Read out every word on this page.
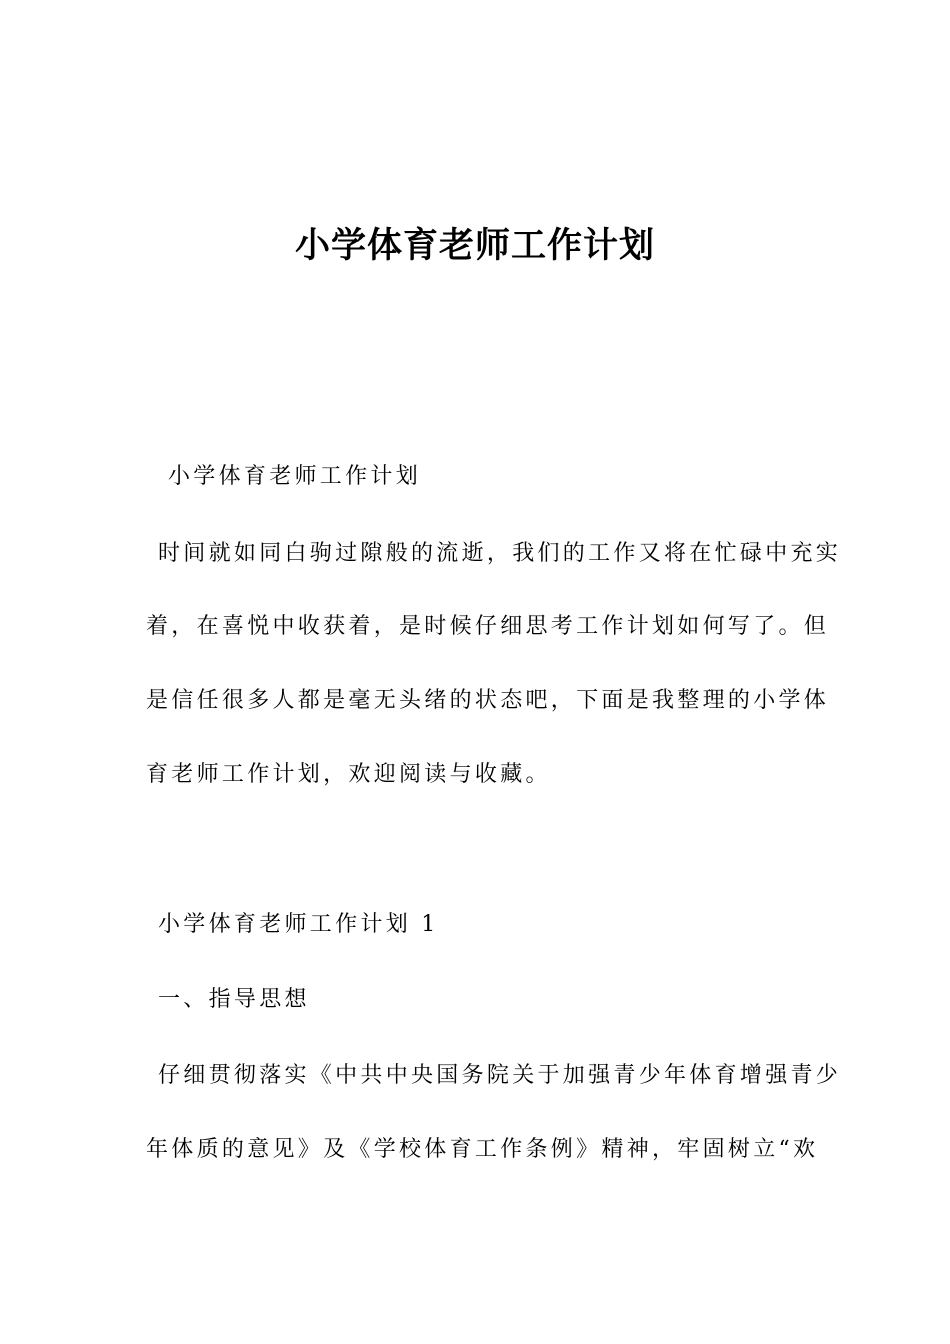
小学体育老师工作计划
小学体育老师工作计划
时间就如同白驹过隙般的流逝，我们的工作又将在忙碌中充实
着，在喜悦中收获着，是时候仔细思考工作计划如何写了。但
是信任很多人都是毫无头绪的状态吧，下面是我整理的小学体
育老师工作计划，欢迎阅读与收藏。
小学体育老师工作计划 1
一、指导思想
仔细贯彻落实《中共中央国务院关于加强青少年体育增强青少
年体质的意见》及《学校体育工作条例》精神，牢固树立“欢
